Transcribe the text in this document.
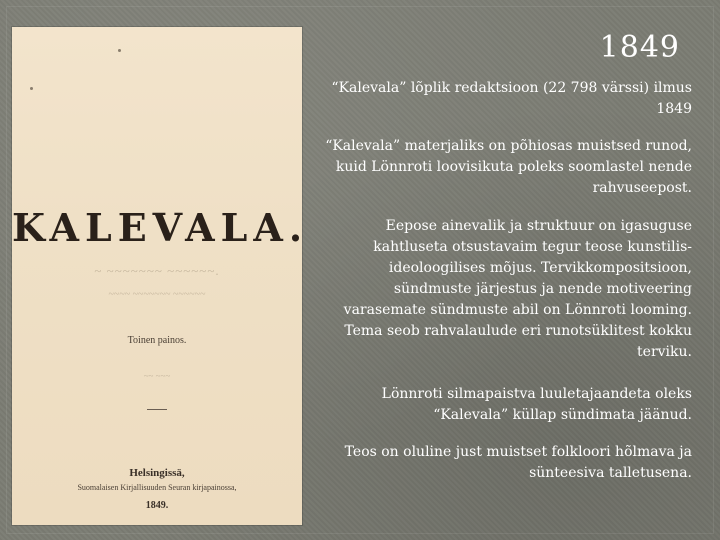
KALEVALA.
~ ~~~~~~~ ~~~~~~.
~~~~ ~~~~~~~ ~~~~~~
Toinen painos.
~~ ~~~
Helsingissä,
Suomalaisen Kirjallisuuden Seuran kirjapainossa,
1849.
1849

“Kalevala” lõplik redaktsioon (22 798 värssi) ilmus
1849

“Kalevala” materjaliks on põhiosas muistsed runod,
kuid Lönnroti loovisikuta poleks soomlastel nende
rahvuseepost.

Eepose ainevalik ja struktuur on igasuguse
kahtluseta otsustavaim tegur teose kunstilis-
ideoloogilises mõjus. Tervikkompositsioon,
sündmuste järjestus ja nende motiveering
varasemate sündmuste abil on Lönnroti looming.
Tema seob rahvalaulude eri runotsüklitest kokku
terviku.

Lönnroti silmapaistva luuletajaandeta oleks
“Kalevala” küllap sündimata jäänud.

Teos on oluline just muistset folkloori hõlmava ja
sünteesiva talletusena.
